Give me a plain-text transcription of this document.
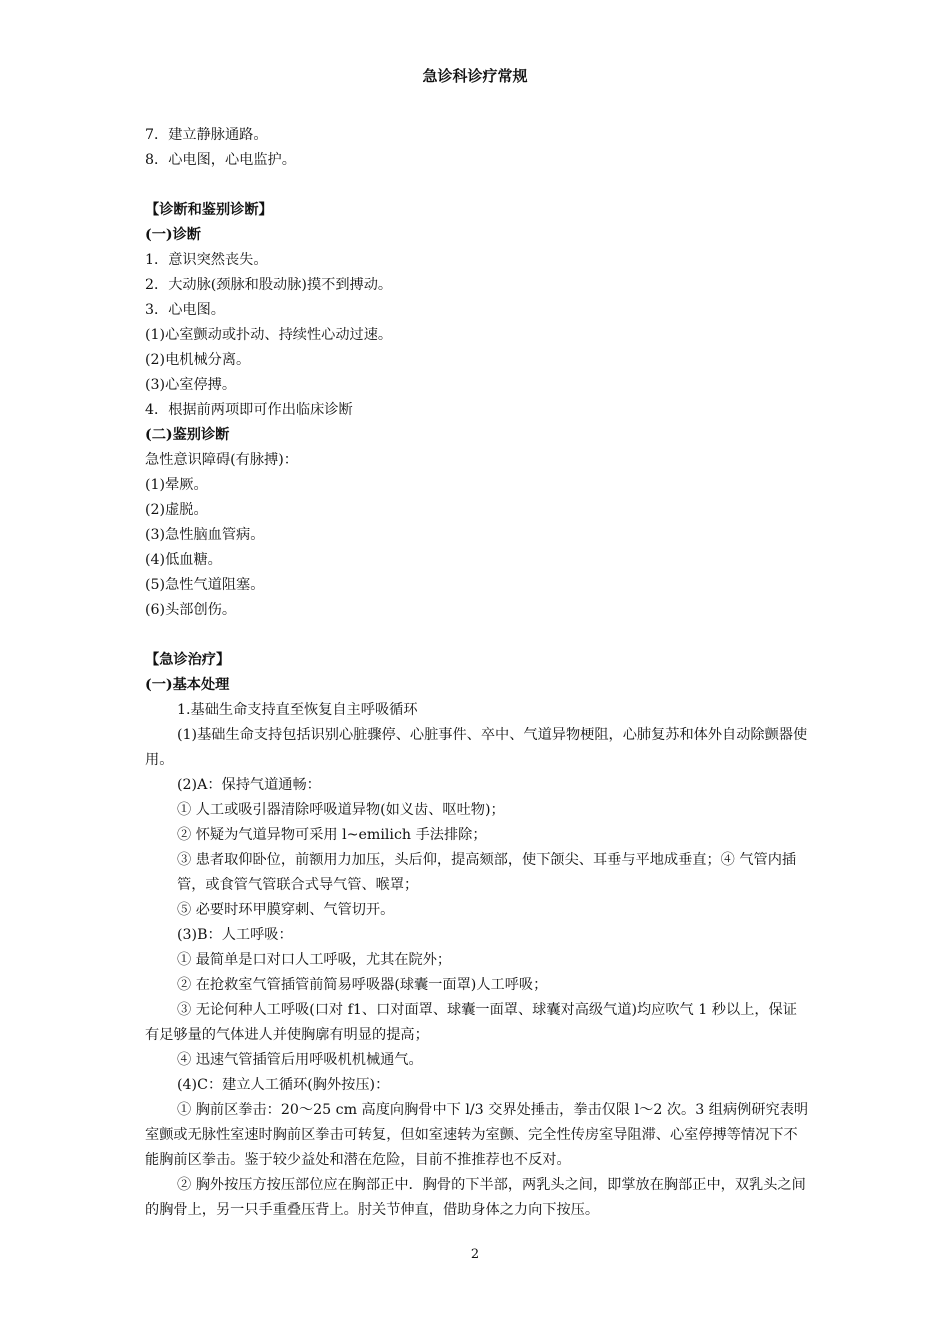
急诊科诊疗常规

7．建立静脉通路。

8．心电图，心电监护。

【诊断和鉴别诊断】

(一)诊断

1．意识突然丧失。

2．大动脉(颈脉和股动脉)摸不到搏动。

3．心电图。

(1)心室颤动或扑动、持续性心动过速。

(2)电机械分离。

(3)心室停搏。

4．根据前两项即可作出临床诊断

(二)鉴别诊断

急性意识障碍(有脉搏)：

(1)晕厥。

(2)虚脱。

(3)急性脑血管病。

(4)低血糖。

(5)急性气道阻塞。

(6)头部创伤。

【急诊治疗】

(一)基本处理

1.基础生命支持直至恢复自主呼吸循环

(1)基础生命支持包括识别心脏骤停、心脏事件、卒中、气道异物梗阻，心肺复苏和体外自动除颤器使用。

(2)A：保持气道通畅：

① 人工或吸引器清除呼吸道异物(如义齿、呕吐物)；

② 怀疑为气道异物可采用 l~emilich 手法排除；

③ 患者取仰卧位，前额用力加压，头后仰，提高颏部，使下颌尖、耳垂与平地成垂直；④ 气管内插管，或食管气管联合式导气管、喉罩；

⑤ 必要时环甲膜穿刺、气管切开。

(3)B：人工呼吸：

① 最简单是口对口人工呼吸，尤其在院外；

② 在抢救室气管插管前简易呼吸器(球囊一面罩)人工呼吸；

③ 无论何种人工呼吸(口对 f1、口对面罩、球囊一面罩、球囊对高级气道)均应吹气 1 秒以上，保证有足够量的气体进人并使胸廓有明显的提高；

④ 迅速气管插管后用呼吸机机械通气。

(4)C：建立人工循环(胸外按压)：

① 胸前区拳击：20～25 cm 高度向胸骨中下 l/3 交界处捶击，拳击仅限 l～2 次。3 组病例研究表明室颤或无脉性室速时胸前区拳击可转复，但如室速转为室颤、完全性传房室导阻滞、心室停搏等情况下不能胸前区拳击。鉴于较少益处和潜在危险，目前不推推荐也不反对。

② 胸外按压方按压部位应在胸部正中．胸骨的下半部，两乳头之间，即掌放在胸部正中，双乳头之间的胸骨上，另一只手重叠压背上。肘关节伸直，借助身体之力向下按压。

2
